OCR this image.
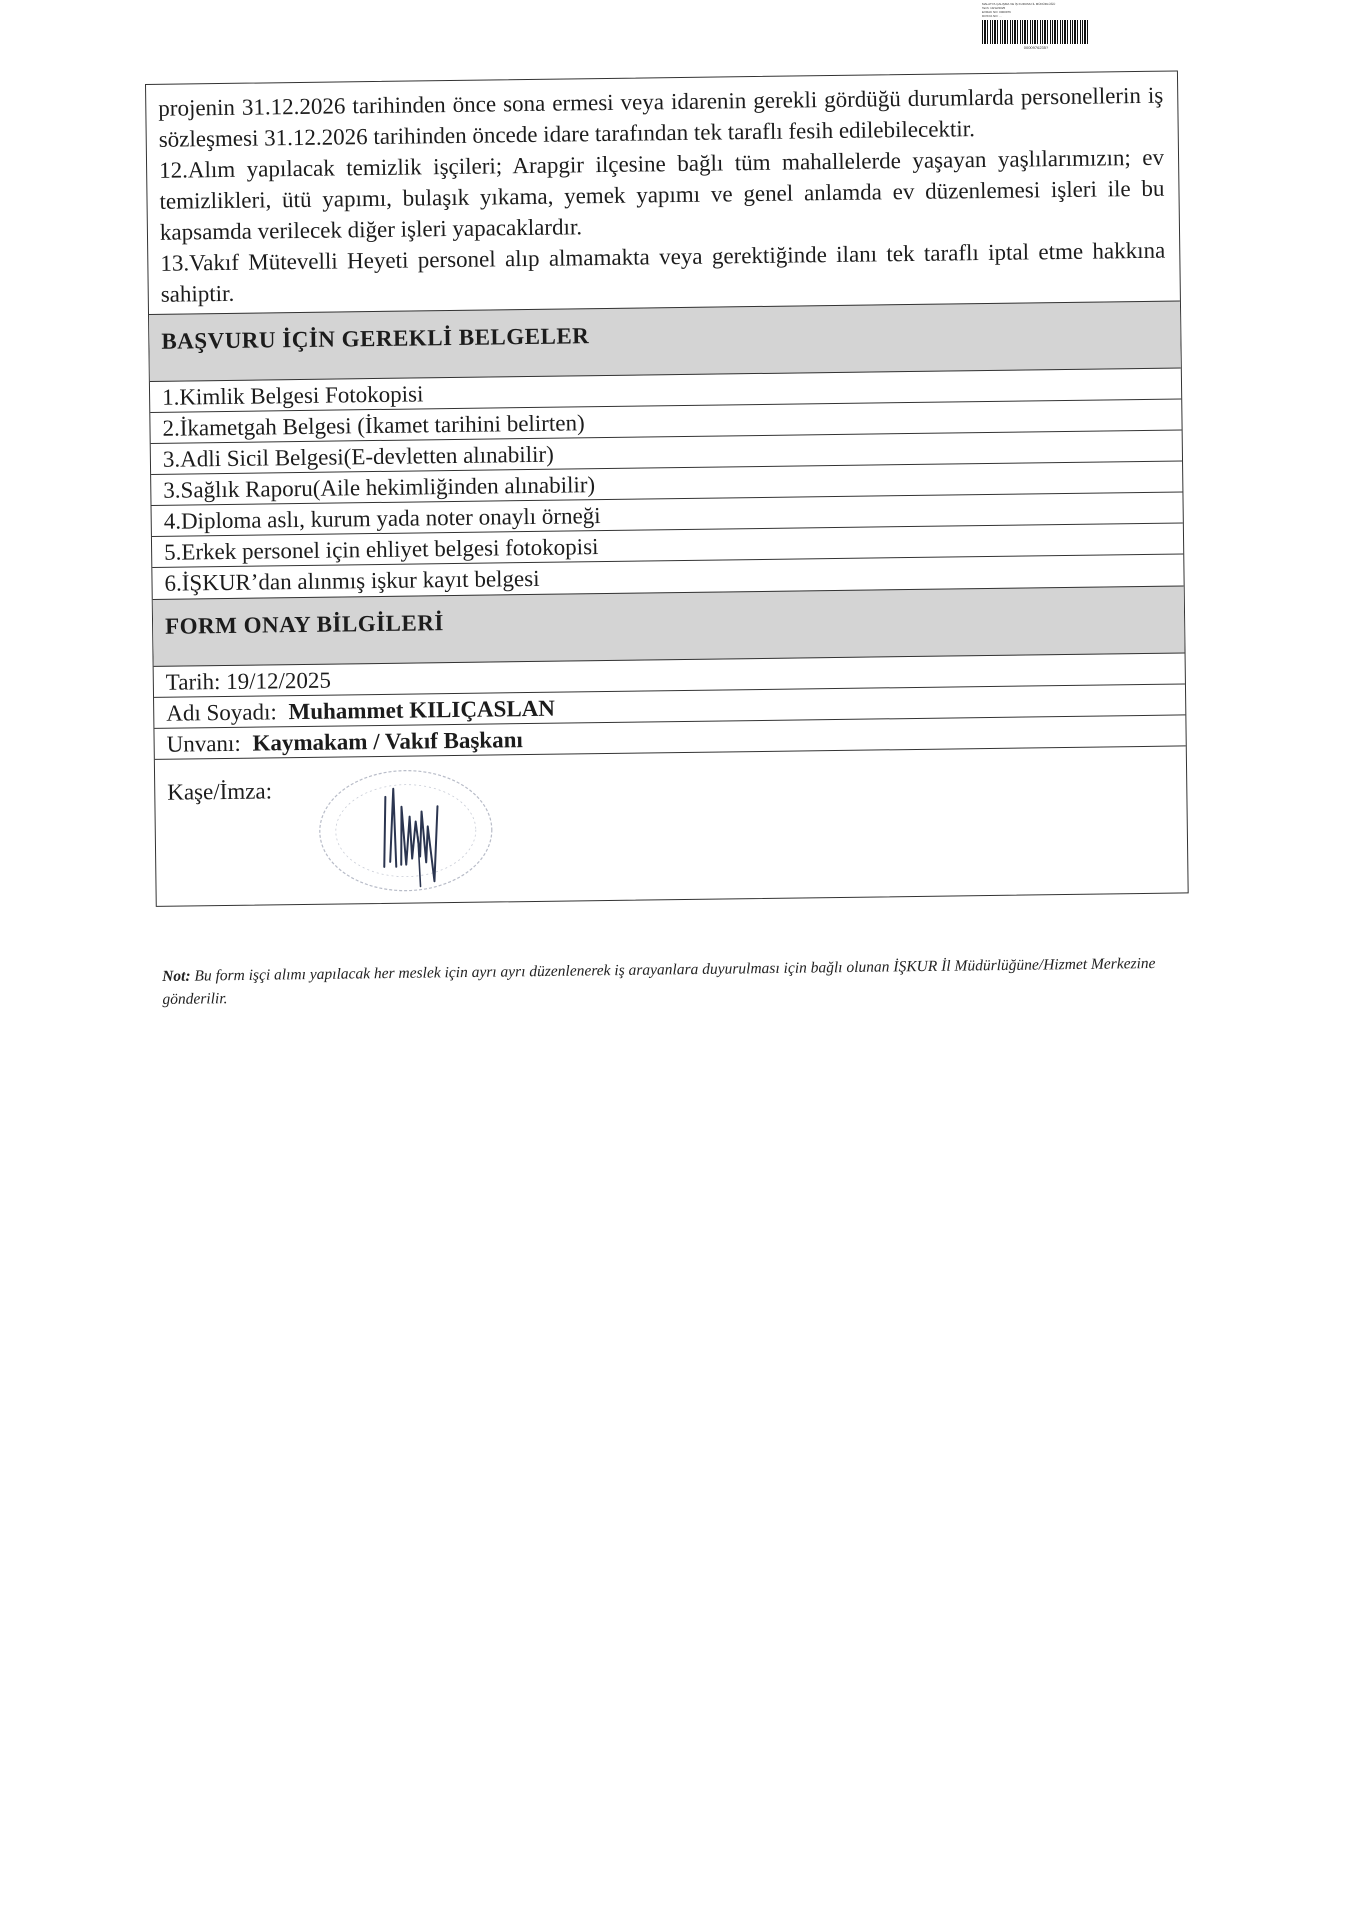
MALATYA ÇALIŞMA VE İŞ KURUMU İL MÜDÜRLÜĞÜ
Tarih: 19/12/2025
EVRAK NO: 0000976
DOSYA NO: ...
0000976235?

projenin 31.12.2026 tarihinden önce sona ermesi veya idarenin gerekli gördüğü durumlarda personellerin iş sözleşmesi 31.12.2026 tarihinden öncede idare tarafından tek taraflı fesih edilebilecektir.

12.Alım yapılacak temizlik işçileri; Arapgir ilçesine bağlı tüm mahallelerde yaşayan yaşlılarımızın; ev temizlikleri, ütü yapımı, bulaşık yıkama, yemek yapımı ve genel anlamda ev düzenlemesi işleri ile bu kapsamda verilecek diğer işleri yapacaklardır.

13.Vakıf Mütevelli Heyeti personel alıp almamakta veya gerektiğinde ilanı tek taraflı iptal etme hakkına sahiptir.

BAŞVURU İÇİN GEREKLİ BELGELER
1.Kimlik Belgesi Fotokopisi
2.İkametgah Belgesi (İkamet tarihini belirten)
3.Adli Sicil Belgesi(E-devletten alınabilir)
3.Sağlık Raporu(Aile hekimliğinden alınabilir)
4.Diploma aslı, kurum yada noter onaylı örneği
5.Erkek personel için ehliyet belgesi fotokopisi
6.İŞKUR’dan alınmış işkur kayıt belgesi
FORM ONAY BİLGİLERİ
Tarih: 19/12/2025
Adı Soyadı: Muhammet KILIÇASLAN
Unvanı: Kaymakam / Vakıf Başkanı
Kaşe/İmza:
Not: Bu form işçi alımı yapılacak her meslek için ayrı ayrı düzenlenerek iş arayanlara duyurulması için bağlı olunan İŞKUR İl Müdürlüğüne/Hizmet Merkezine gönderilir.
